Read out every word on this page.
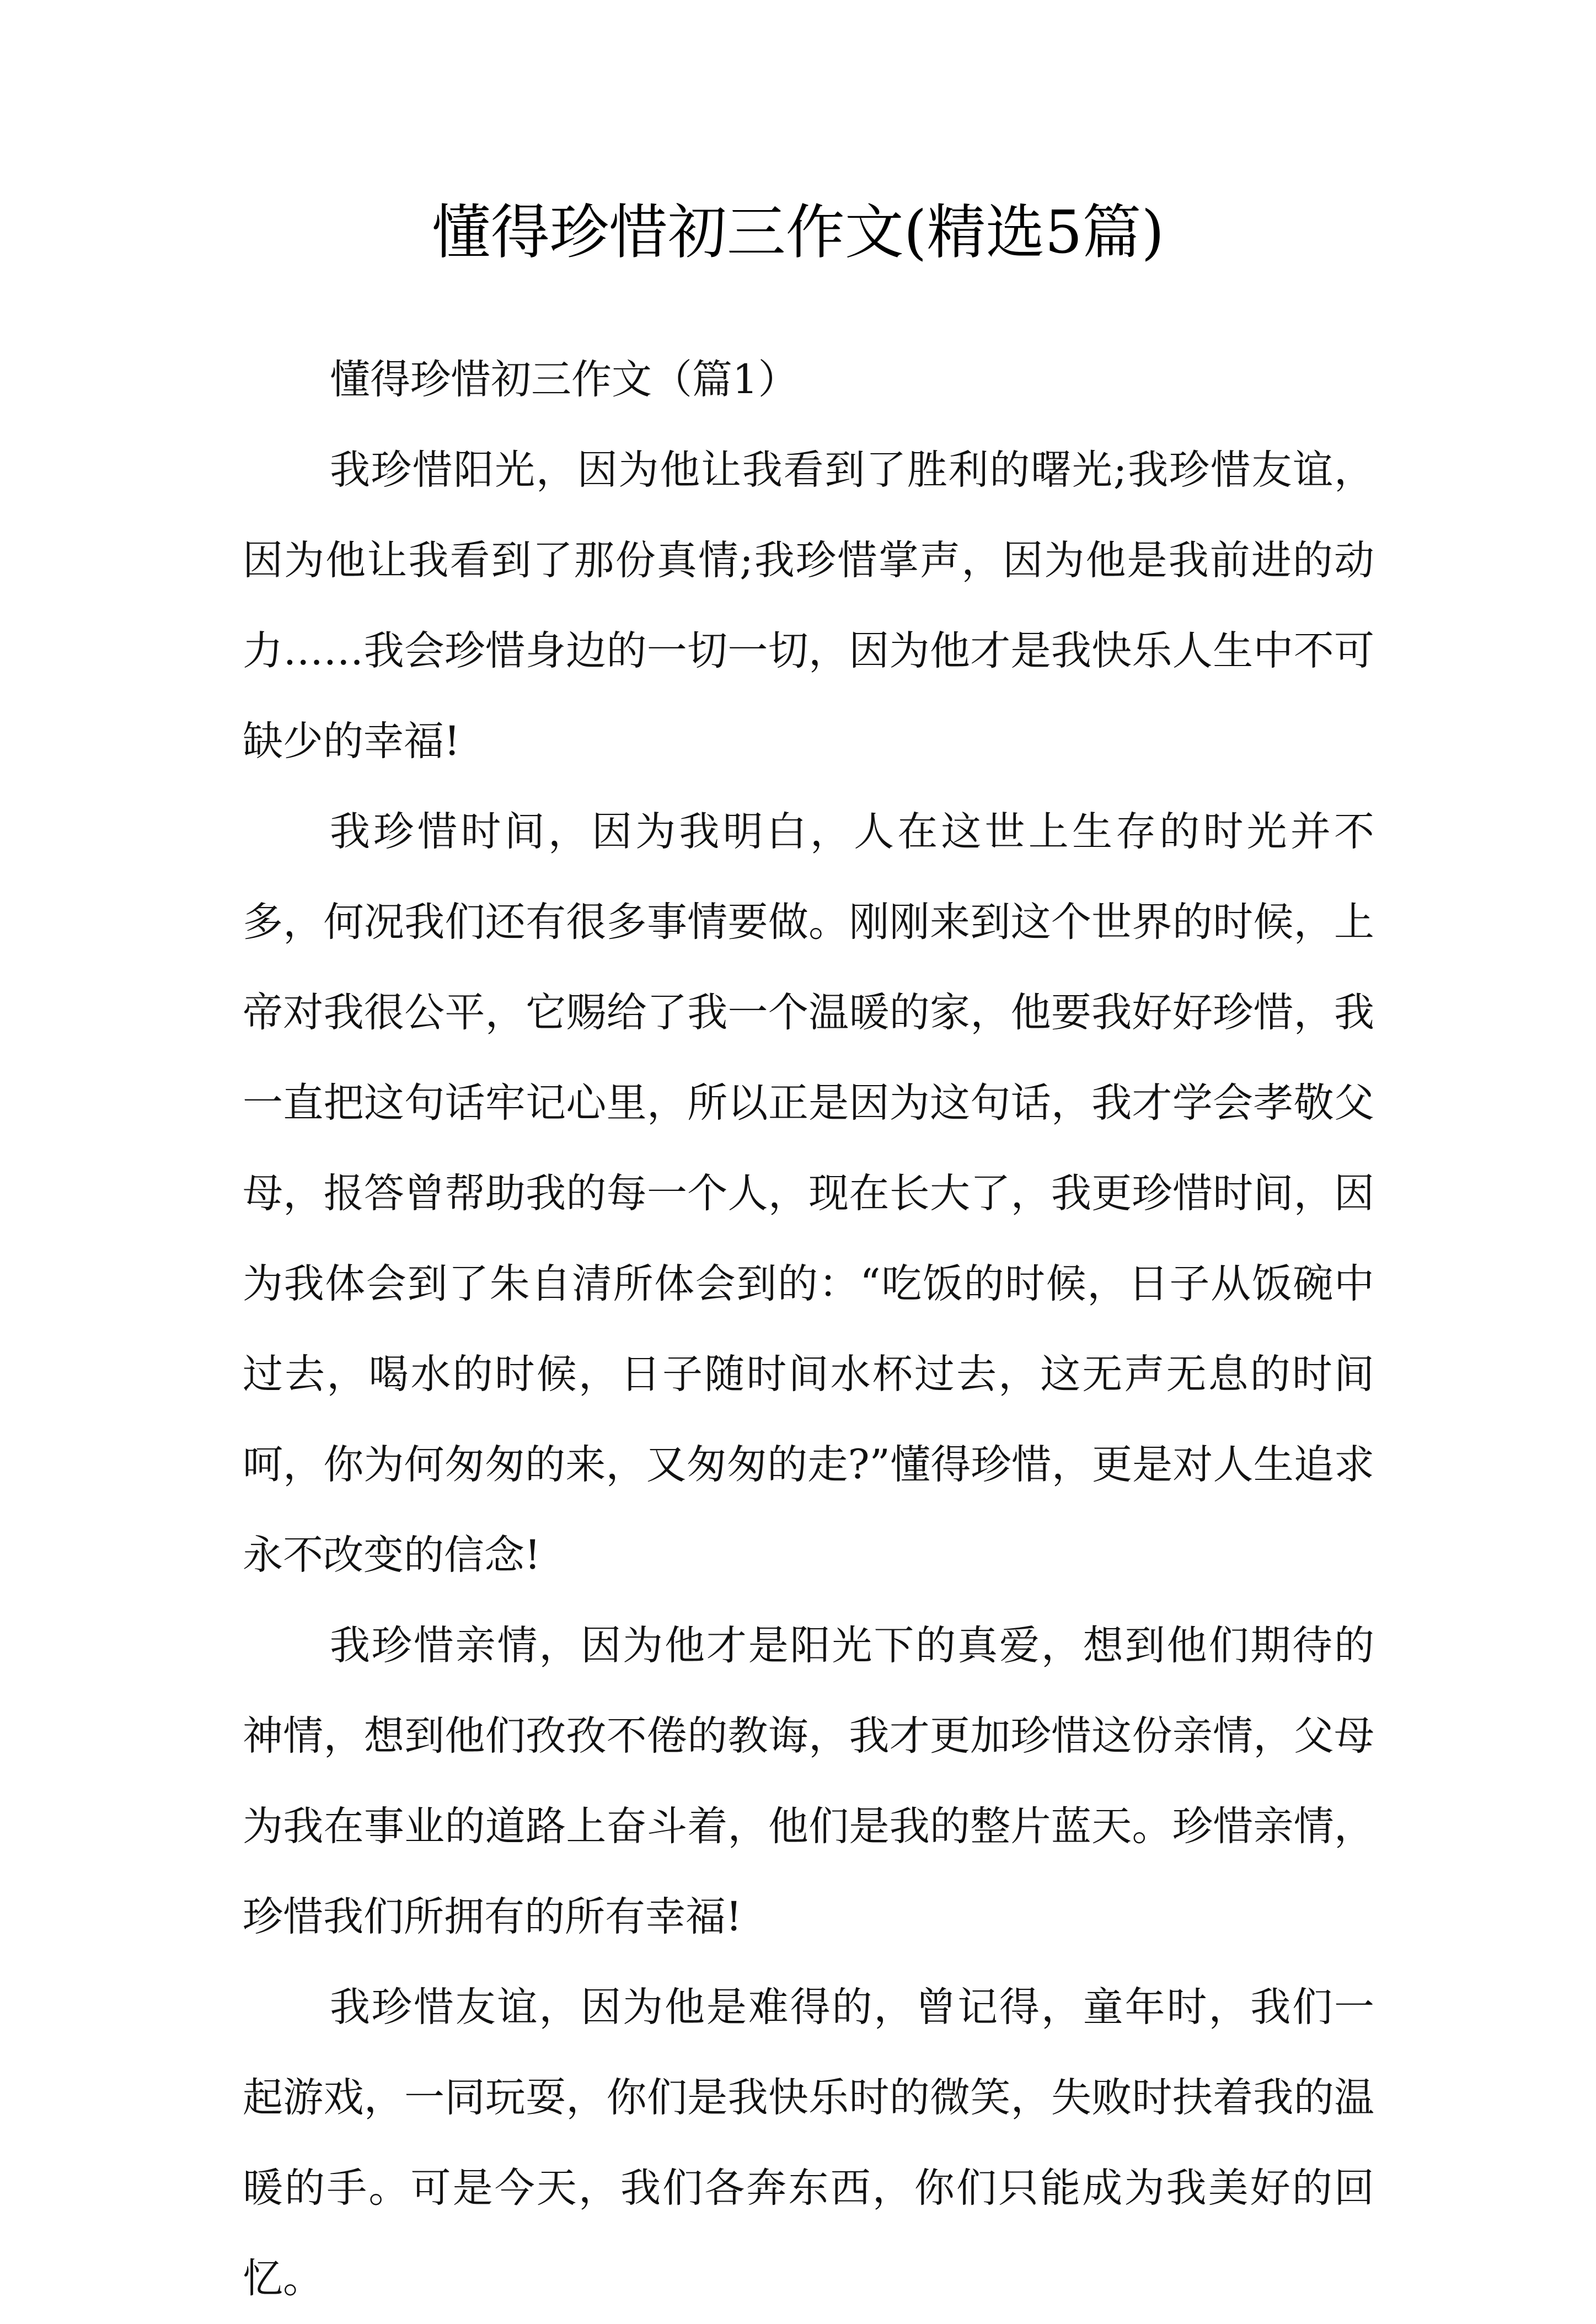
懂得珍惜初三作文(精选5篇)

懂得珍惜初三作文（篇1）

我珍惜阳光，因为他让我看到了胜利的曙光;我珍惜友谊，因为他让我看到了那份真情;我珍惜掌声，因为他是我前进的动力……我会珍惜身边的一切一切，因为他才是我快乐人生中不可缺少的幸福!

我珍惜时间，因为我明白，人在这世上生存的时光并不多，何况我们还有很多事情要做。刚刚来到这个世界的时候，上帝对我很公平，它赐给了我一个温暖的家，他要我好好珍惜，我一直把这句话牢记心里，所以正是因为这句话，我才学会孝敬父母，报答曾帮助我的每一个人，现在长大了，我更珍惜时间，因为我体会到了朱自清所体会到的：“吃饭的时候，日子从饭碗中过去，喝水的时候，日子随时间水杯过去，这无声无息的时间呵，你为何匆匆的来，又匆匆的走?”懂得珍惜，更是对人生追求永不改变的信念!

我珍惜亲情，因为他才是阳光下的真爱，想到他们期待的神情，想到他们孜孜不倦的教诲，我才更加珍惜这份亲情，父母为我在事业的道路上奋斗着，他们是我的整片蓝天。珍惜亲情，珍惜我们所拥有的所有幸福!

我珍惜友谊，因为他是难得的，曾记得，童年时，我们一起游戏，一同玩耍，你们是我快乐时的微笑，失败时扶着我的温暖的手。可是今天，我们各奔东西，你们只能成为我美好的回忆。
